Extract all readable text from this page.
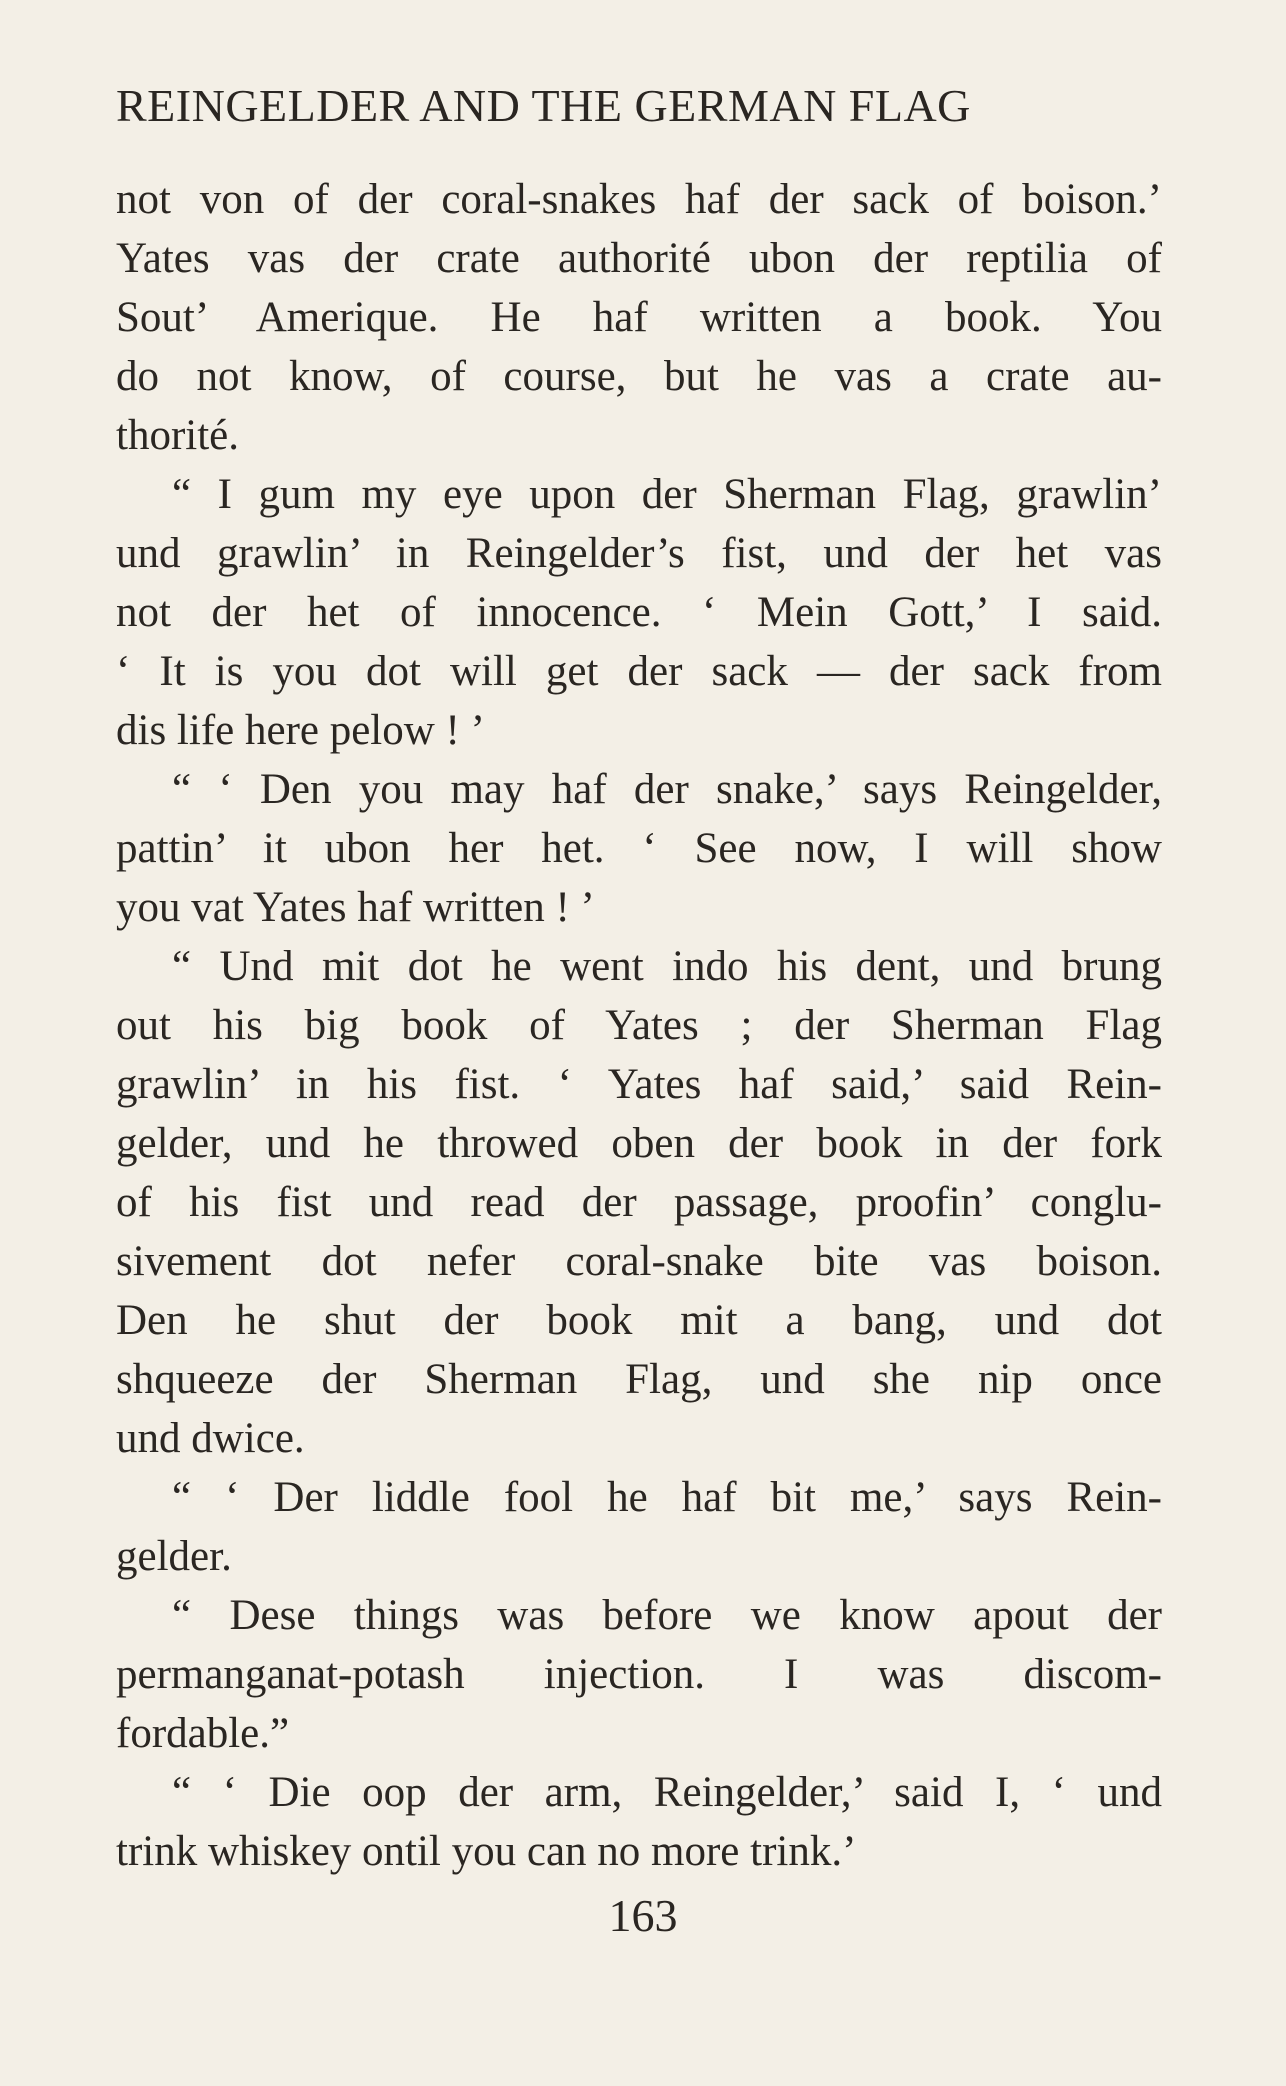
REINGELDER AND THE GERMAN FLAG
not von of der coral-snakes haf der sack of boison.’
Yates vas der crate authorité ubon der reptilia of
Sout’ Amerique. He haf written a book. You
do not know, of course, but he vas a crate au-
thorité.
“ I gum my eye upon der Sherman Flag, grawlin’
und grawlin’ in Reingelder’s fist, und der het vas
not der het of innocence. ‘ Mein Gott,’ I said.
‘ It is you dot will get der sack — der sack from
dis life here pelow ! ’
“ ‘ Den you may haf der snake,’ says Reingelder,
pattin’ it ubon her het. ‘ See now, I will show
you vat Yates haf written ! ’
“ Und mit dot he went indo his dent, und brung
out his big book of Yates ; der Sherman Flag
grawlin’ in his fist. ‘ Yates haf said,’ said Rein-
gelder, und he throwed oben der book in der fork
of his fist und read der passage, proofin’ conglu-
sivement dot nefer coral-snake bite vas boison.
Den he shut der book mit a bang, und dot
shqueeze der Sherman Flag, und she nip once
und dwice.
“ ‘ Der liddle fool he haf bit me,’ says Rein-
gelder.
“ Dese things was before we know apout der
permanganat-potash injection. I was discom-
fordable.”
“ ‘ Die oop der arm, Reingelder,’ said I, ‘ und
trink whiskey ontil you can no more trink.’
163
